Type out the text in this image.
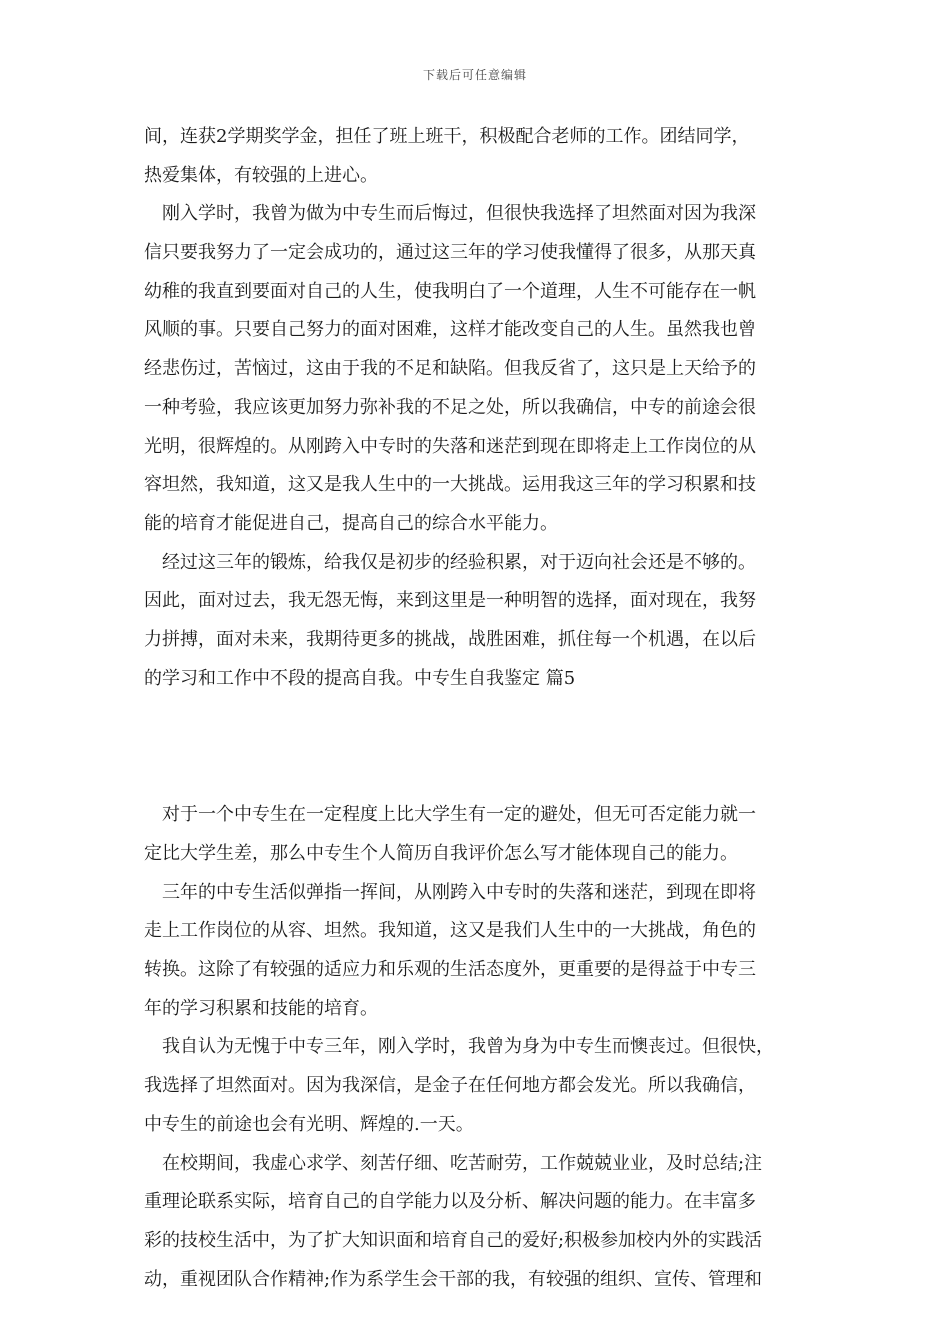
下载后可任意编辑

间，连获2学期奖学金，担任了班上班干，积极配合老师的工作。团结同学，
热爱集体，有较强的上进心。

　刚入学时，我曾为做为中专生而后悔过，但很快我选择了坦然面对因为我深
信只要我努力了一定会成功的，通过这三年的学习使我懂得了很多，从那天真
幼稚的我直到要面对自己的人生，使我明白了一个道理，人生不可能存在一帆
风顺的事。只要自己努力的面对困难，这样才能改变自己的人生。虽然我也曾
经悲伤过，苦恼过，这由于我的不足和缺陷。但我反省了，这只是上天给予的
一种考验，我应该更加努力弥补我的不足之处，所以我确信，中专的前途会很
光明，很辉煌的。从刚跨入中专时的失落和迷茫到现在即将走上工作岗位的从
容坦然，我知道，这又是我人生中的一大挑战。运用我这三年的学习积累和技
能的培育才能促进自己，提高自己的综合水平能力。

　经过这三年的锻炼，给我仅是初步的经验积累，对于迈向社会还是不够的。
因此，面对过去，我无怨无悔，来到这里是一种明智的选择，面对现在，我努
力拼搏，面对未来，我期待更多的挑战，战胜困难，抓住每一个机遇，在以后
的学习和工作中不段的提高自我。中专生自我鉴定 篇5

　对于一个中专生在一定程度上比大学生有一定的避处，但无可否定能力就一
定比大学生差，那么中专生个人简历自我评价怎么写才能体现自己的能力。

　三年的中专生活似弹指一挥间，从刚跨入中专时的失落和迷茫，到现在即将
走上工作岗位的从容、坦然。我知道，这又是我们人生中的一大挑战，角色的
转换。这除了有较强的适应力和乐观的生活态度外，更重要的是得益于中专三
年的学习积累和技能的培育。

　我自认为无愧于中专三年，刚入学时，我曾为身为中专生而懊丧过。但很快，
我选择了坦然面对。因为我深信，是金子在任何地方都会发光。所以我确信，
中专生的前途也会有光明、辉煌的.一天。

　在校期间，我虚心求学、刻苦仔细、吃苦耐劳，工作兢兢业业，及时总结;注
重理论联系实际，培育自己的自学能力以及分析、解决问题的能力。在丰富多
彩的技校生活中，为了扩大知识面和培育自己的爱好;积极参加校内外的实践活
动，重视团队合作精神;作为系学生会干部的我，有较强的组织、宣传、管理和
